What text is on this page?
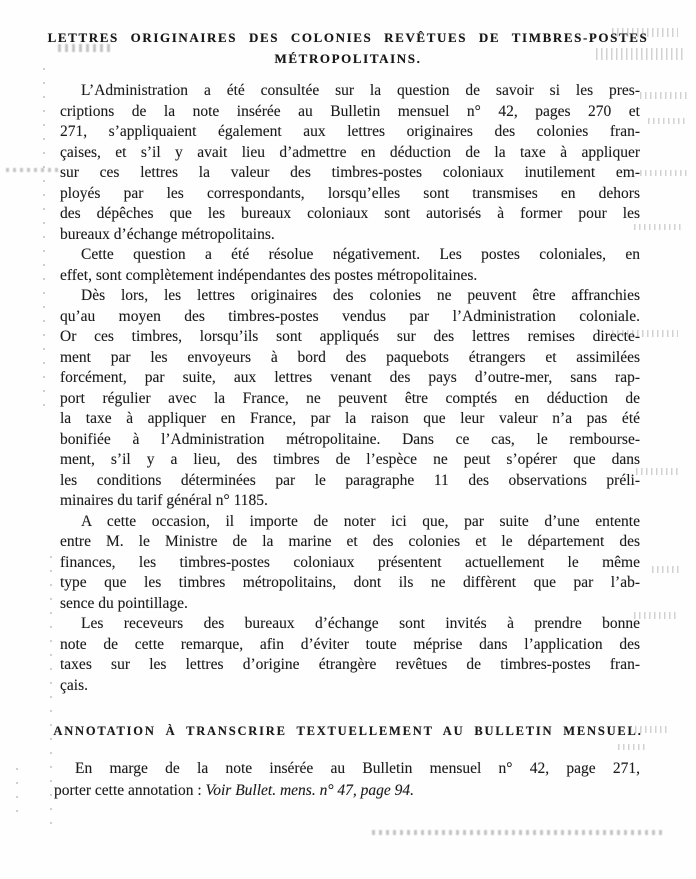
LETTRES ORIGINAIRES DES COLONIES REVÊTUES DE TIMBRES-POSTES
MÉTROPOLITAINS.
L’Administration a été consultée sur la question de savoir si les pres-
criptions de la note insérée au Bulletin mensuel n° 42, pages 270 et
271, s’appliquaient également aux lettres originaires des colonies fran-
çaises, et s’il y avait lieu d’admettre en déduction de la taxe à appliquer
sur ces lettres la valeur des timbres-postes coloniaux inutilement em-
ployés par les correspondants, lorsqu’elles sont transmises en dehors
des dépêches que les bureaux coloniaux sont autorisés à former pour les
bureaux d’échange métropolitains.
Cette question a été résolue négativement. Les postes coloniales, en
effet, sont complètement indépendantes des postes métropolitaines.
Dès lors, les lettres originaires des colonies ne peuvent être affranchies
qu’au moyen des timbres-postes vendus par l’Administration coloniale.
Or ces timbres, lorsqu’ils sont appliqués sur des lettres remises directe-
ment par les envoyeurs à bord des paquebots étrangers et assimilées
forcément, par suite, aux lettres venant des pays d’outre-mer, sans rap-
port régulier avec la France, ne peuvent être comptés en déduction de
la taxe à appliquer en France, par la raison que leur valeur n’a pas été
bonifiée à l’Administration métropolitaine. Dans ce cas, le rembourse-
ment, s’il y a lieu, des timbres de l’espèce ne peut s’opérer que dans
les conditions déterminées par le paragraphe 11 des observations préli-
minaires du tarif général n° 1185.
A cette occasion, il importe de noter ici que, par suite d’une entente
entre M. le Ministre de la marine et des colonies et le département des
finances, les timbres-postes coloniaux présentent actuellement le même
type que les timbres métropolitains, dont ils ne diffèrent que par l’ab-
sence du pointillage.
Les receveurs des bureaux d’échange sont invités à prendre bonne
note de cette remarque, afin d’éviter toute méprise dans l’application des
taxes sur les lettres d’origine étrangère revêtues de timbres-postes fran-
çais.
ANNOTATION À TRANSCRIRE TEXTUELLEMENT AU BULLETIN MENSUEL.
En marge de la note insérée au Bulletin mensuel n° 42, page 271,
porter cette annotation : Voir Bullet. mens. n° 47, page 94.
